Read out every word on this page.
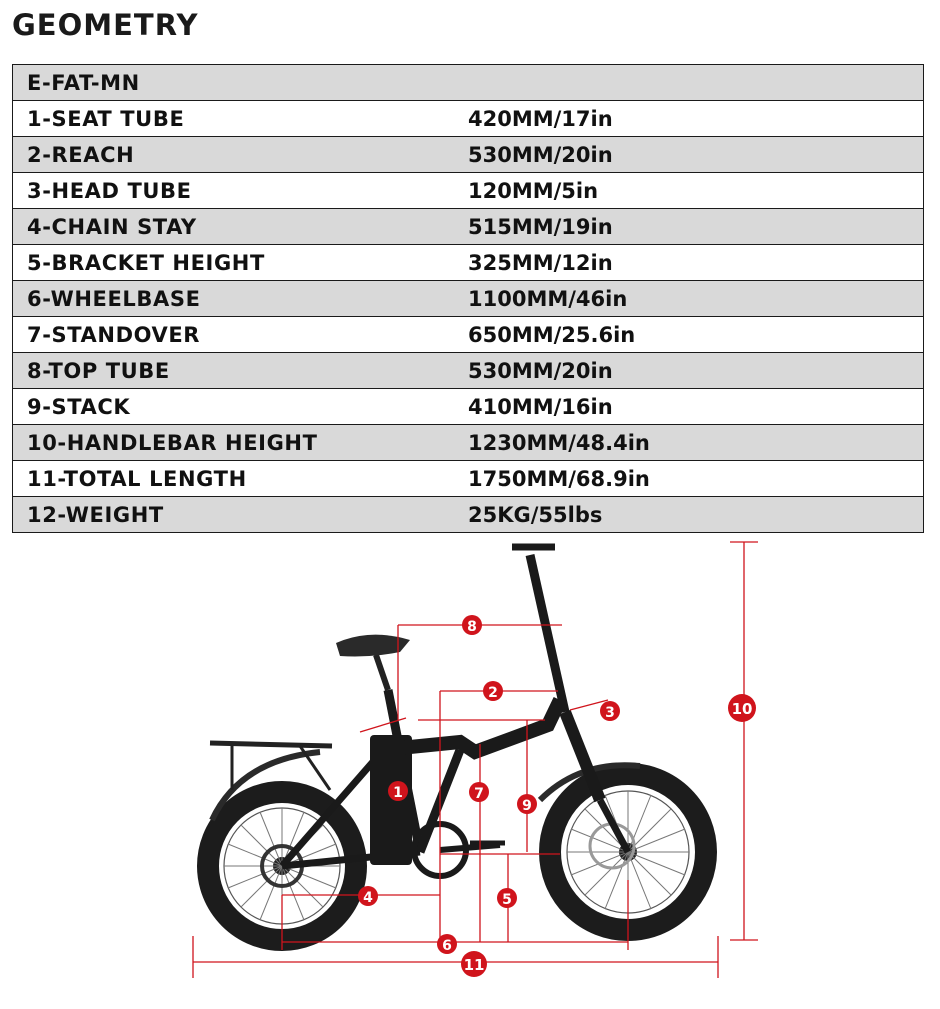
GEOMETRY
E-FAT-MN	
1-SEAT TUBE	420MM/17in
2-REACH	530MM/20in
3-HEAD TUBE	120MM/5in
4-CHAIN STAY	515MM/19in
5-BRACKET HEIGHT	325MM/12in
6-WHEELBASE	1100MM/46in
7-STANDOVER	650MM/25.6in
8-TOP TUBE	530MM/20in
9-STACK	410MM/16in
10-HANDLEBAR HEIGHT	1230MM/48.4in
11-TOTAL LENGTH	1750MM/68.9in
12-WEIGHT	25KG/55lbs
1
2
3
4	5
6
7
8
9
10
11
